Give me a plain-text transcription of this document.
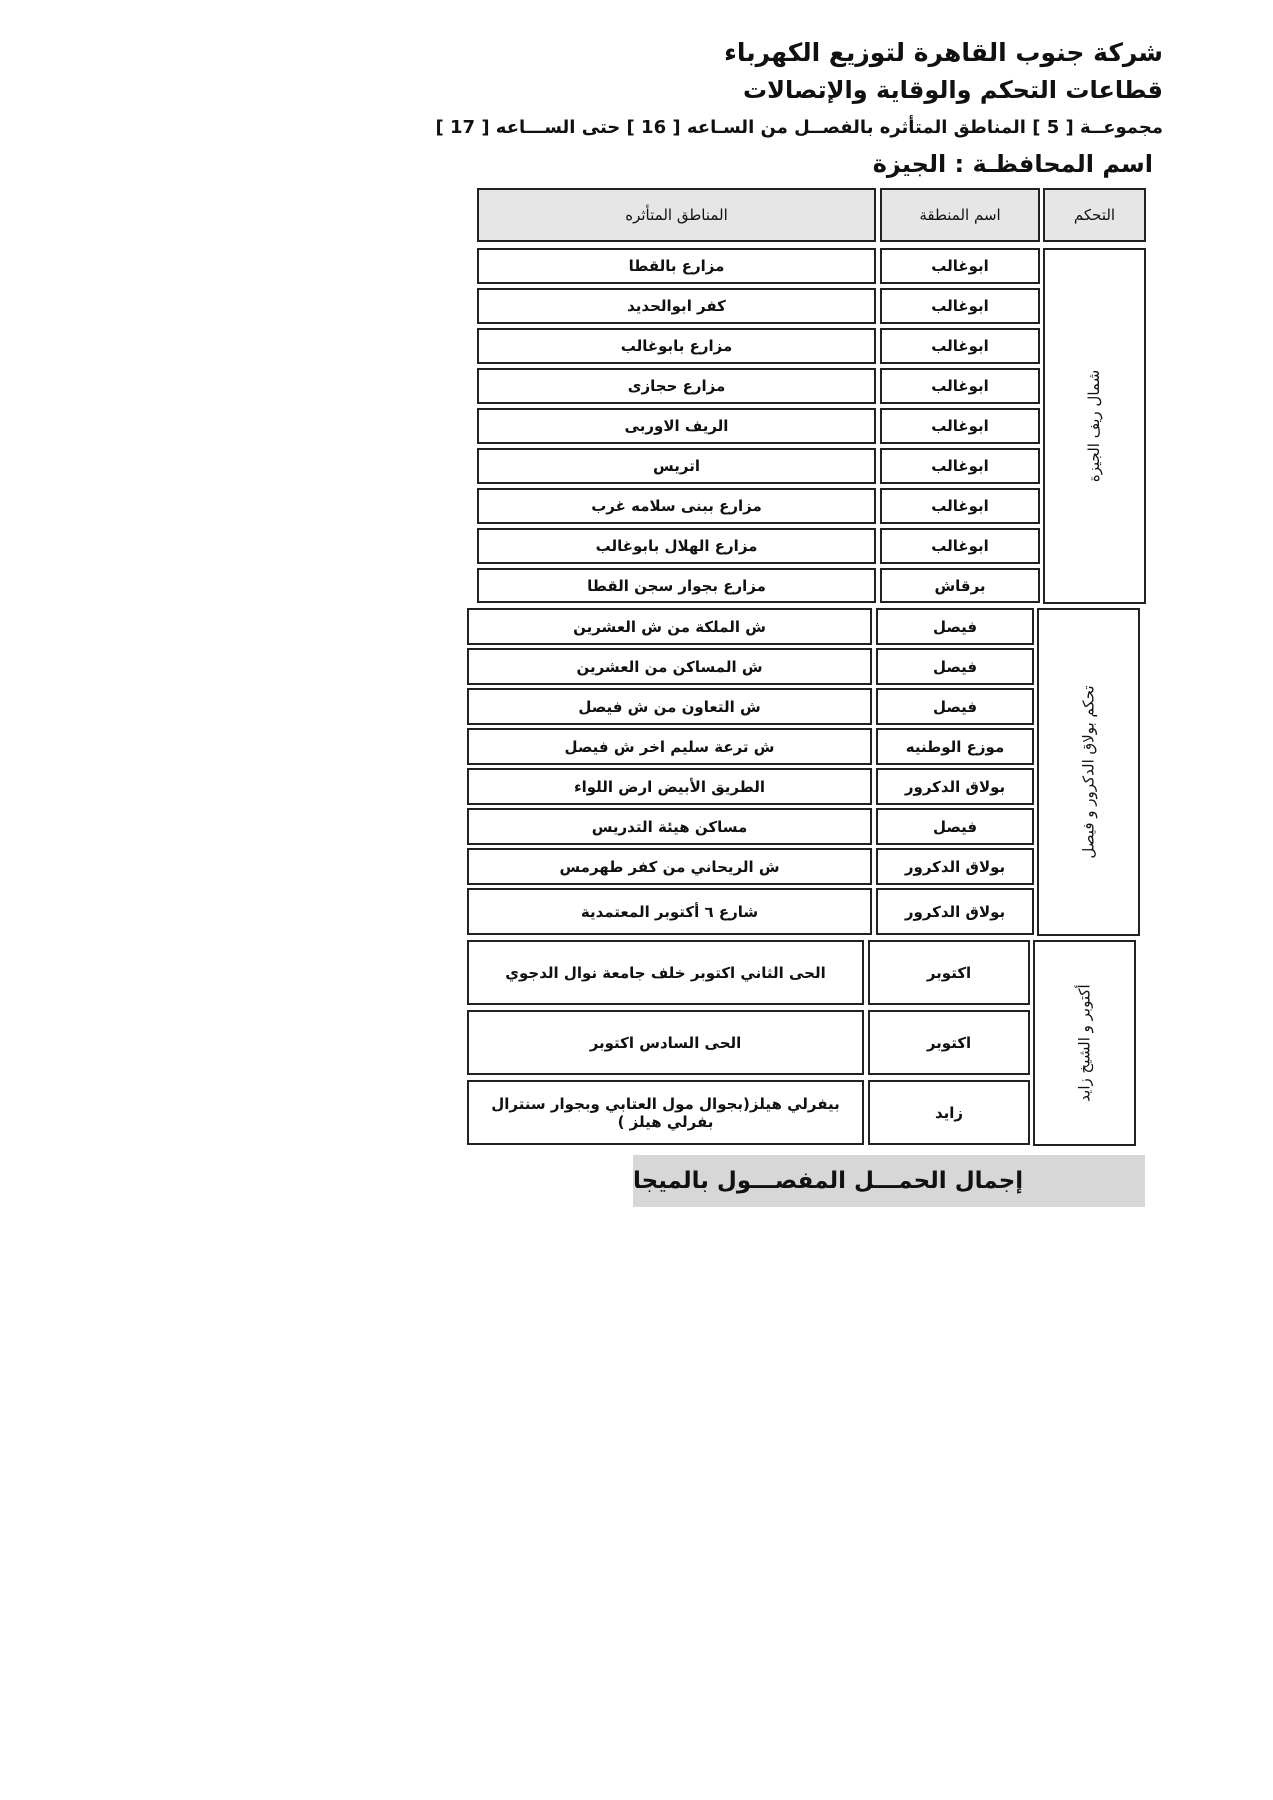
شركة جنوب القاهرة لتوزيع الكهرباء
قطاعات التحكم والوقاية والإتصالات
مجموعــة [ 5 ] المناطق المتأثره بالفصــل من السـاعه [ 16 ] حتى الســـاعه [ 17 ]
اسم المحافظـة : الجيزة
المناطق المتأثره	اسم المنطقة	التحكم
مزارع بالقطا	ابوغالب
كفر ابوالحديد	ابوغالب
مزارع بابوغالب	ابوغالب
مزارع حجازى	ابوغالب
الريف الاوربى	ابوغالب
اتريس	ابوغالب
مزارع ببنى سلامه غرب	ابوغالب
مزارع الهلال بابوغالب	ابوغالب
مزارع بجوار سجن القطا	برقاش
شمال ريف الجيزة
ش الملكة من ش العشرين	فيصل
ش المساكن من العشرين	فيصل
ش التعاون من ش فيصل	فيصل
ش ترعة سليم اخر ش فيصل	موزع الوطنيه
الطريق الأبيض ارض اللواء	بولاق الدكرور
مساكن هيئة التدريس	فيصل
ش الريحاني من كفر طهرمس	بولاق الدكرور
شارع ٦ أكتوبر المعتمدية	بولاق الدكرور
تحكم بولاق الدكرور و فيصل
الحى الثاني اكتوبر خلف جامعة نوال الدجوي	اكتوبر
الحى السادس اكتوبر	اكتوبر
بيفرلي هيلز(بجوال مول العتابي وبجوار سنترال بفرلي هيلز )	زايد
أكتوبر و الشيخ زايد
إجمال الحمـــل المفصـــول بالميجا
